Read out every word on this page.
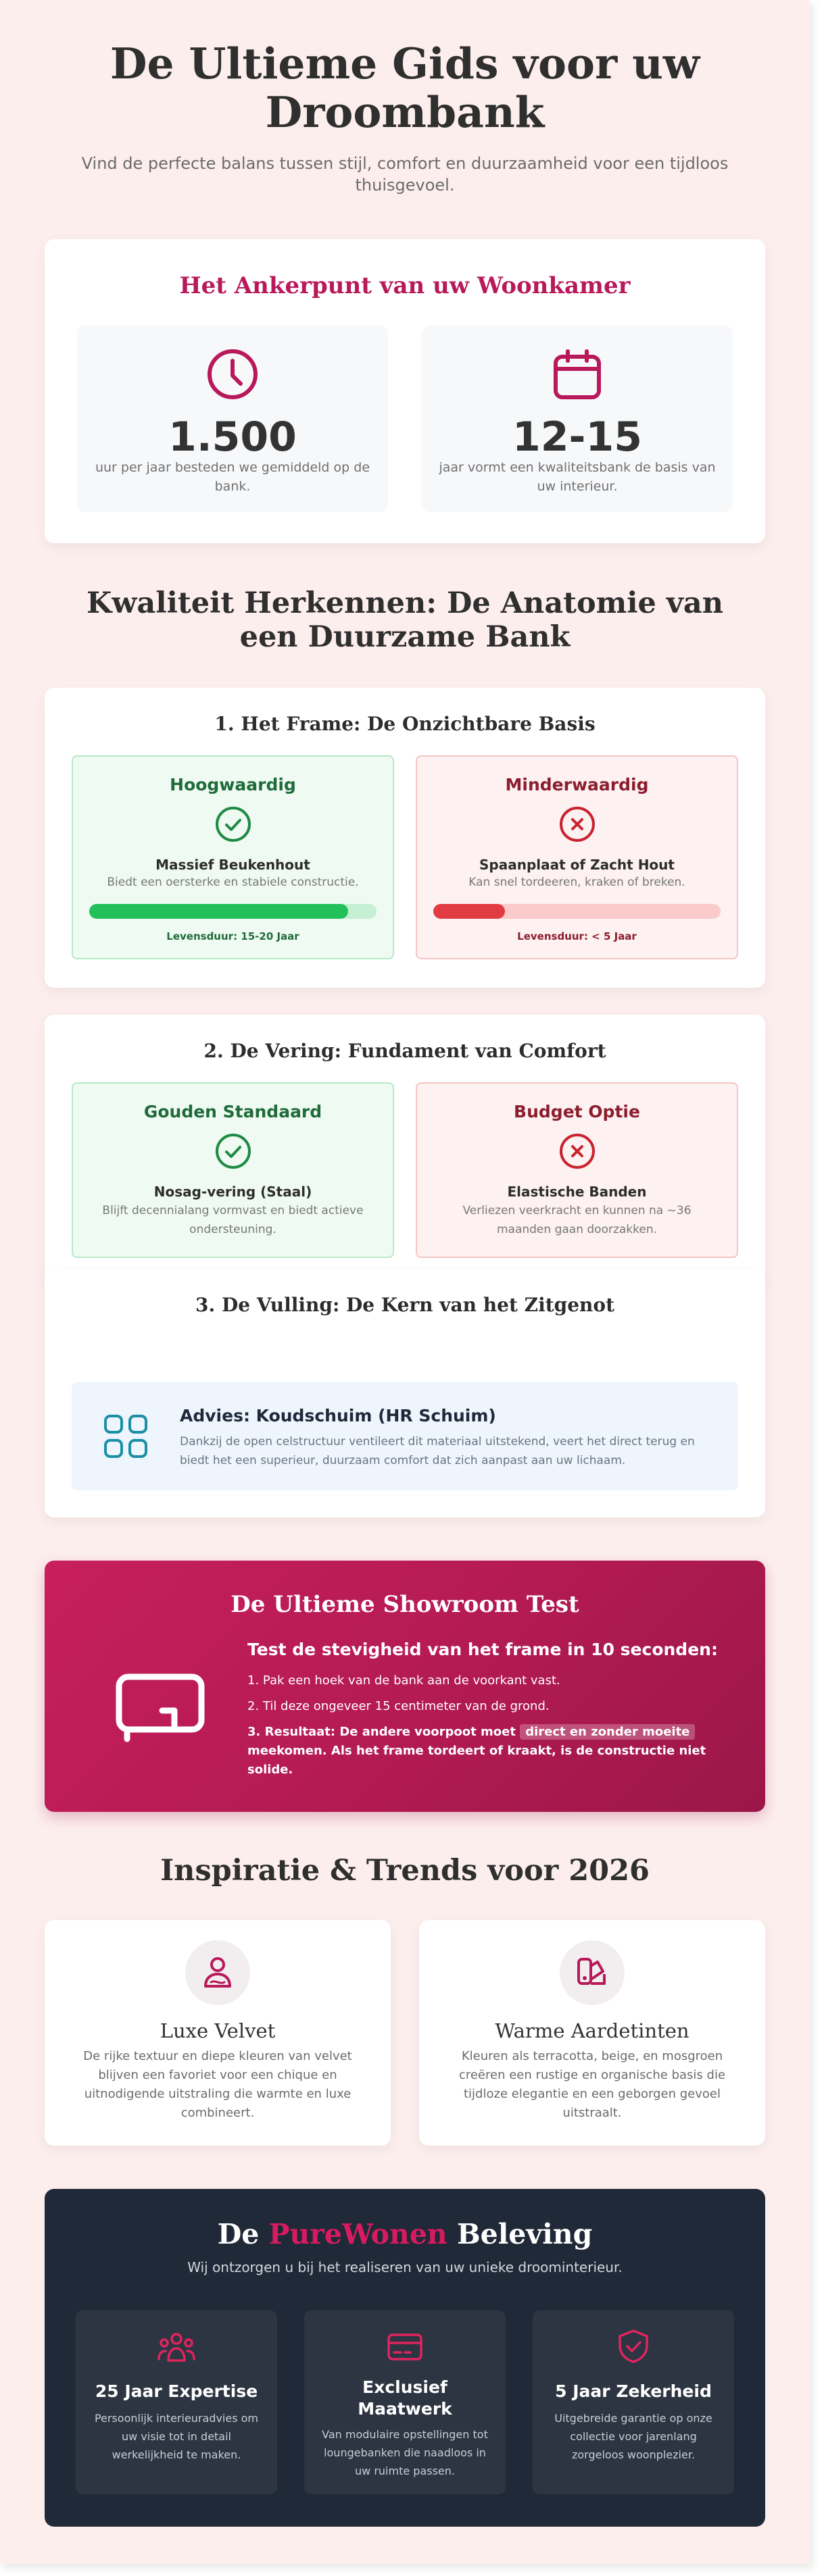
De Ultieme Gids voor uw Droombank

Vind de perfecte balans tussen stijl, comfort en duurzaamheid voor een tijdloos thuisgevoel.

Het Ankerpunt van uw Woonkamer
1.500
uur per jaar besteden we gemiddeld op de bank.
12-15
jaar vormt een kwaliteitsbank de basis van uw interieur.
Kwaliteit Herkennen: De Anatomie van een Duurzame Bank
1. Het Frame: De Onzichtbare Basis
Hoogwaardig
Massief Beukenhout
Biedt een oersterke en stabiele constructie.
Levensduur: 15-20 Jaar
Minderwaardig
Spaanplaat of Zacht Hout
Kan snel tordeeren, kraken of breken.
Levensduur: < 5 Jaar
2. De Vering: Fundament van Comfort
Gouden Standaard
Nosag-vering (Staal)
Blijft decennialang vormvast en biedt actieve ondersteuning.
Budget Optie
Elastische Banden
Verliezen veerkracht en kunnen na ~36 maanden gaan doorzakken.
3. De Vulling: De Kern van het Zitgenot
Advies: Koudschuim (HR Schuim)
Dankzij de open celstructuur ventileert dit materiaal uitstekend, veert het direct terug en biedt het een superieur, duurzaam comfort dat zich aanpast aan uw lichaam.
De Ultieme Showroom Test
Test de stevigheid van het frame in 10 seconden:
1. Pak een hoek van de bank aan de voorkant vast.
2. Til deze ongeveer 15 centimeter van de grond.
3. Resultaat: De andere voorpoot moet direct en zonder moeite meekomen. Als het frame tordeert of kraakt, is de constructie niet solide.
Inspiratie & Trends voor 2026
Luxe Velvet
De rijke textuur en diepe kleuren van velvet blijven een favoriet voor een chique en uitnodigende uitstraling die warmte en luxe combineert.
Warme Aardetinten
Kleuren als terracotta, beige, en mosgroen creëren een rustige en organische basis die tijdloze elegantie en een geborgen gevoel uitstraalt.
De PureWonen Beleving
Wij ontzorgen u bij het realiseren van uw unieke droominterieur.
25 Jaar Expertise
Persoonlijk interieuradvies om uw visie tot in detail werkelijkheid te maken.
Exclusief Maatwerk
Van modulaire opstellingen tot loungebanken die naadloos in uw ruimte passen.
5 Jaar Zekerheid
Uitgebreide garantie op onze collectie voor jarenlang zorgeloos woonplezier.
